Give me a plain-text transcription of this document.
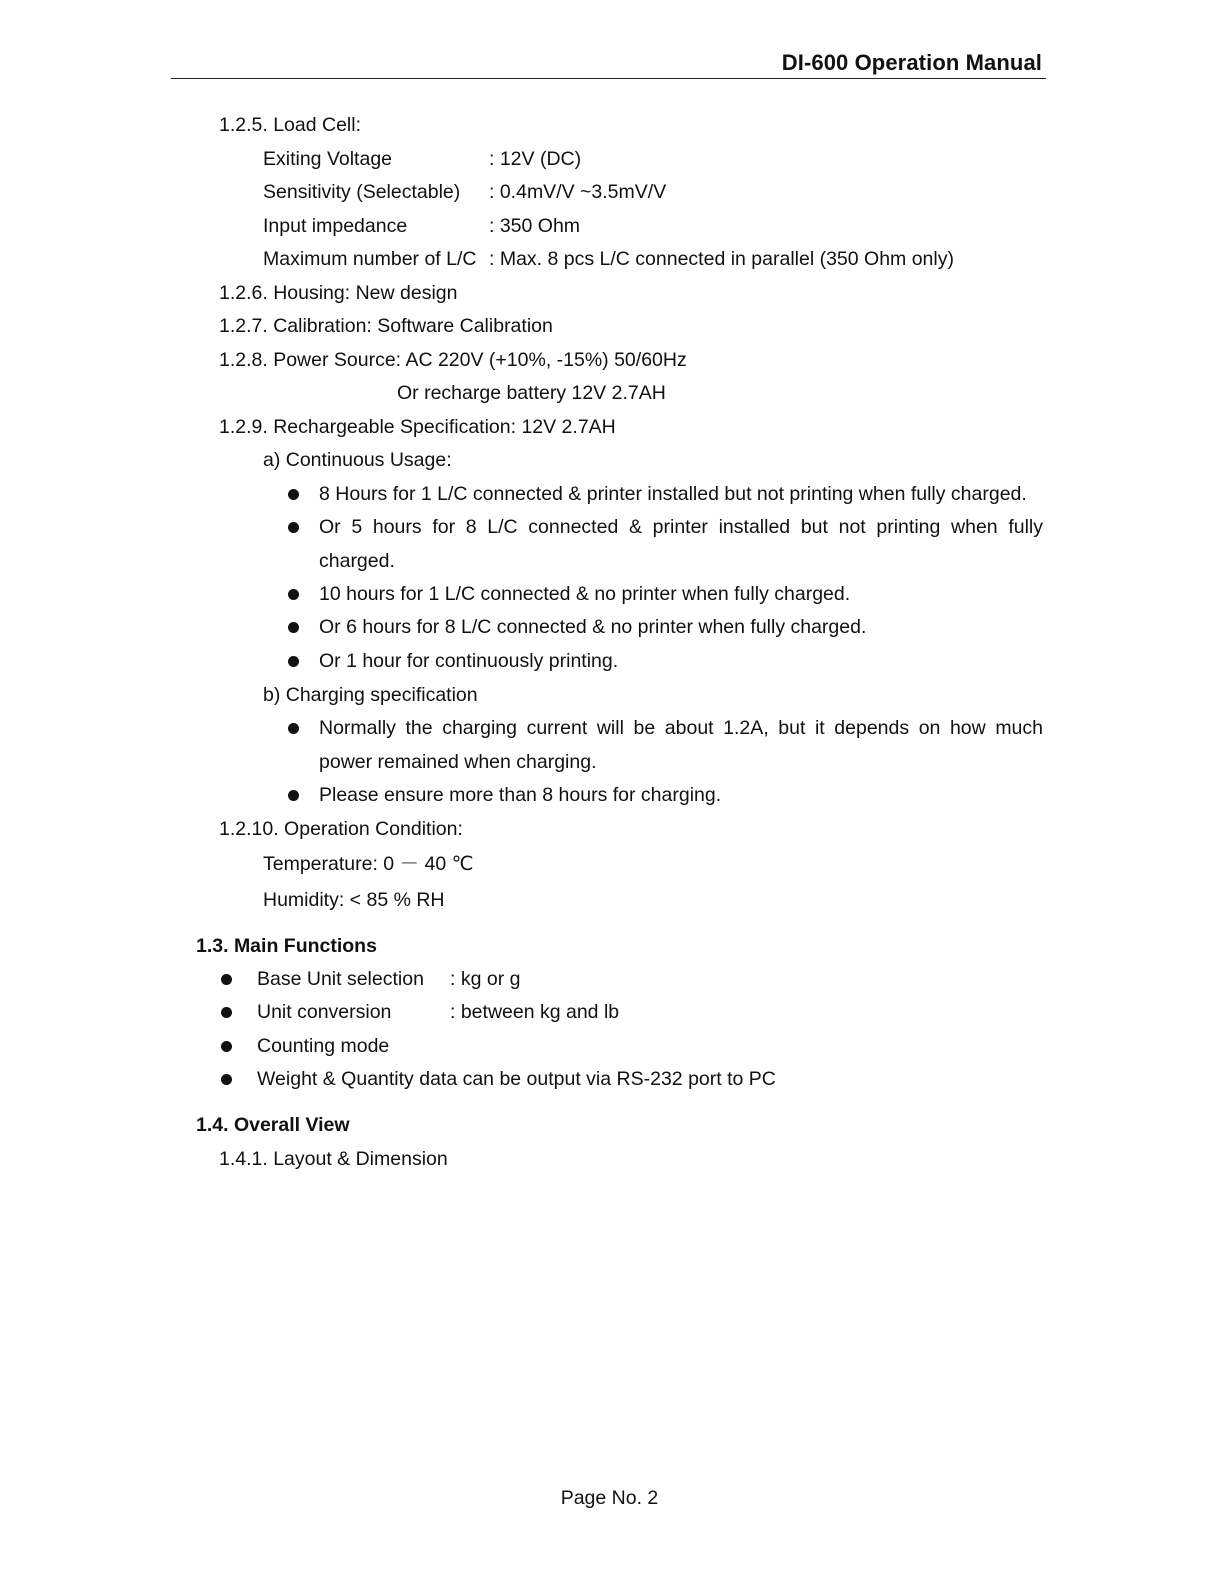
DI-600 Operation Manual
1.2.5. Load Cell:
Exiting Voltage	: 12V (DC)
Sensitivity (Selectable) : 0.4mV/V ~3.5mV/V
Input impedance	: 350 Ohm
Maximum number of L/C : Max. 8 pcs L/C connected in parallel (350 Ohm only)
1.2.6. Housing: New design
1.2.7. Calibration: Software Calibration
1.2.8. Power Source: AC 220V (+10%, -15%) 50/60Hz
Or recharge battery 12V 2.7AH
1.2.9. Rechargeable Specification: 12V 2.7AH
a) Continuous Usage:
8 Hours for 1 L/C connected & printer installed but not printing when fully charged.
Or 5 hours for 8 L/C connected & printer installed but not printing when fully
charged.
10 hours for 1 L/C connected & no printer when fully charged.
Or 6 hours for 8 L/C connected & no printer when fully charged.
Or 1 hour for continuously printing.
b) Charging specification
Normally the charging current will be about 1.2A, but it depends on how much
power remained when charging.
Please ensure more than 8 hours for charging.
1.2.10. Operation Condition:
Temperature: 0 － 40 ℃
Humidity: < 85 % RH
1.3. Main Functions
Base Unit selection : kg or g
Unit conversion	: between kg and lb
Counting mode
Weight & Quantity data can be output via RS-232 port to PC
1.4. Overall View
1.4.1. Layout & Dimension
Page No. 2
